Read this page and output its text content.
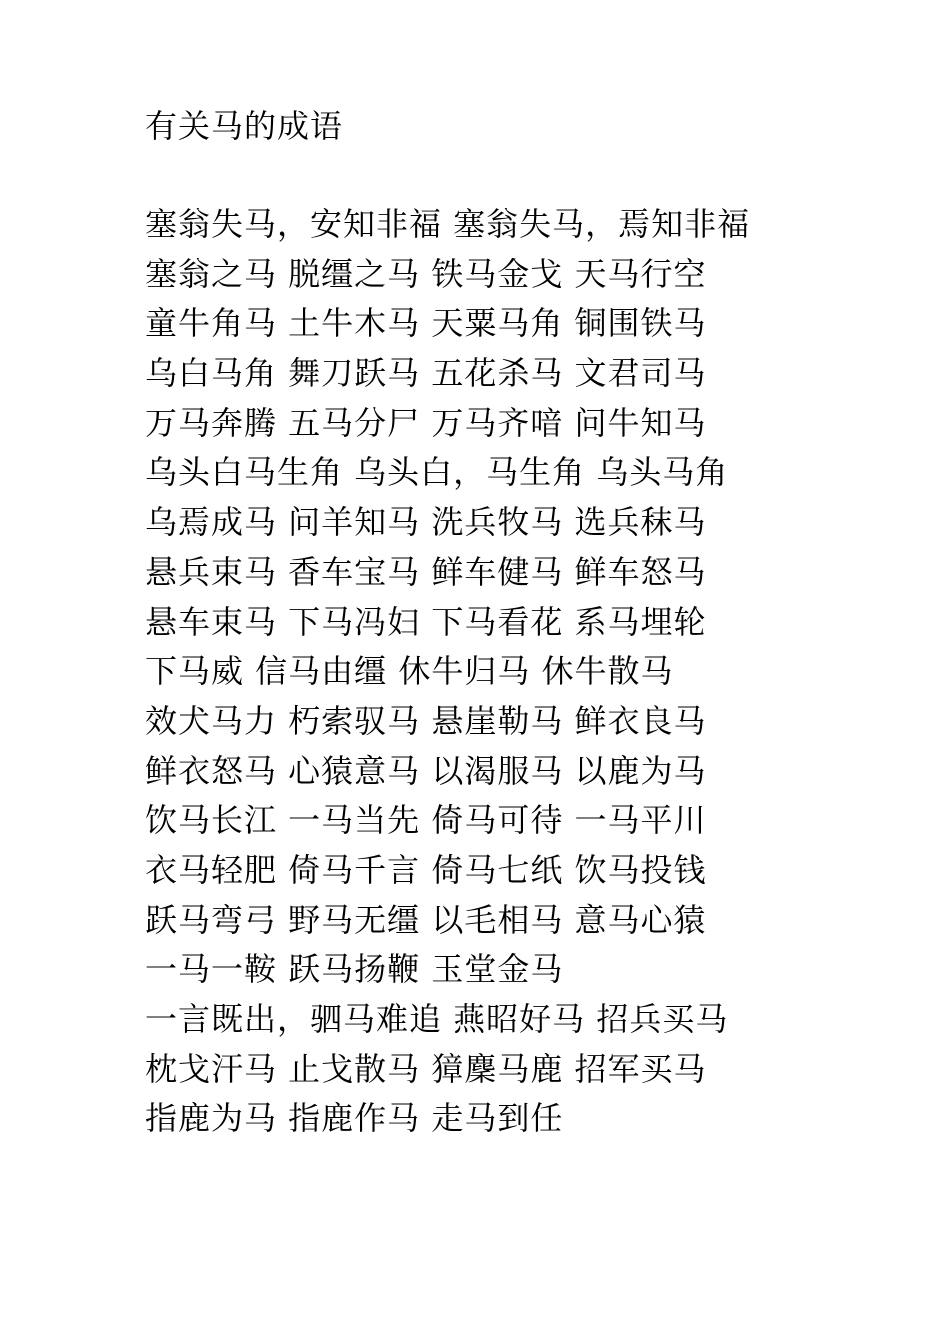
有关马的成语
塞翁失马，安知非福 塞翁失马，焉知非福
塞翁之马 脱缰之马 铁马金戈 天马行空
童牛角马 土牛木马 天粟马角 铜围铁马
乌白马角 舞刀跃马 五花杀马 文君司马
万马奔腾 五马分尸 万马齐喑 问牛知马
乌头白马生角 乌头白，马生角 乌头马角
乌焉成马 问羊知马 洗兵牧马 选兵秣马
悬兵束马 香车宝马 鲜车健马 鲜车怒马
悬车束马 下马冯妇 下马看花 系马埋轮
下马威 信马由缰 休牛归马 休牛散马
效犬马力 朽索驭马 悬崖勒马 鲜衣良马
鲜衣怒马 心猿意马 以渴服马 以鹿为马
饮马长江 一马当先 倚马可待 一马平川
衣马轻肥 倚马千言 倚马七纸 饮马投钱
跃马弯弓 野马无缰 以毛相马 意马心猿
一马一鞍 跃马扬鞭 玉堂金马
一言既出，驷马难追 燕昭好马 招兵买马
枕戈汗马 止戈散马 獐麇马鹿 招军买马
指鹿为马 指鹿作马 走马到任
